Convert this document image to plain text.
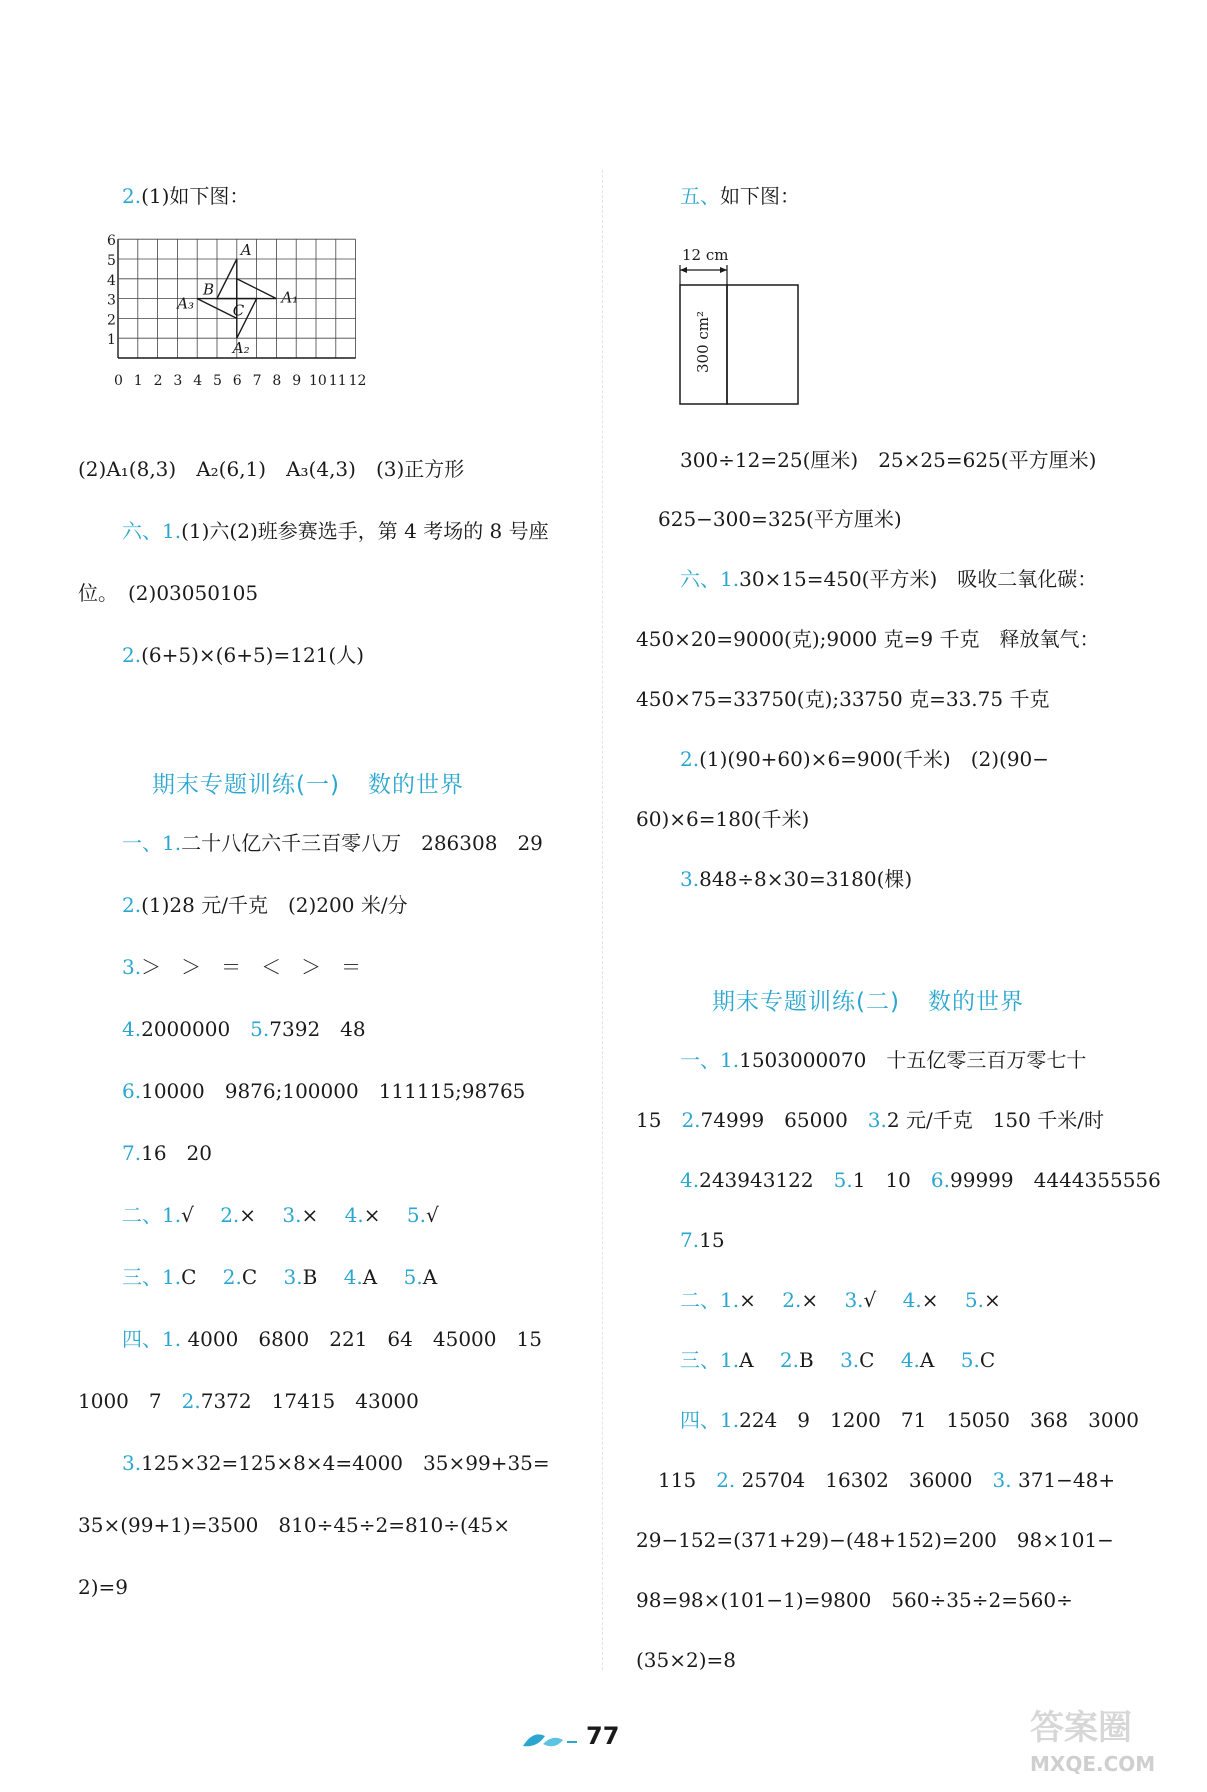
2.(1)如下图：
0 1 2 3 4 5 6 7 8 9 10 11 12
1
2
3
4
5
6	A
B
C
A₁
A₂
A₃
(2)A₁(8,3)　A₂(6,1)　A₃(4,3)　(3)正方形
六、1.(1)六(2)班参赛选手，第 4 考场的 8 号座
位。　(2)03050105
2.(6+5)×(6+5)=121(人)
期末专题训练(一) 数的世界
一、1.二十八亿六千三百零八万　286308　29
2.(1)28 元/千克　(2)200 米/分
3.＞　＞　＝　＜　＞　＝
4.2000000　5.7392　48
6.10000　9876;100000　111115;98765
7.16　20
二、1.√　 2.×　 3.×　 4.×　 5.√
三、1.C　 2.C　 3.B　 4.A　 5.A
四、1. 4000　6800　221　64　45000　15
1000　7　2.7372　17415　43000
3.125×32=125×8×4=4000　35×99+35=
35×(99+1)=3500　810÷45÷2=810÷(45×
2)=9
五、如下图：
12 cm
300 cm²
300÷12=25(厘米)　25×25=625(平方厘米)
625−300=325(平方厘米)
六、1.30×15=450(平方米)　吸收二氧化碳：
450×20=9000(克);9000 克=9 千克　释放氧气：
450×75=33750(克);33750 克=33.75 千克
2.(1)(90+60)×6=900(千米)　(2)(90−
60)×6=180(千米)
3.848÷8×30=3180(棵)
期末专题训练(二) 数的世界
一、1.1503000070　十五亿零三百万零七十
15　2.74999　65000　3.2 元/千克　150 千米/时
4.243943122　5.1　10　6.99999　4444355556
7.15
二、1.×　 2.×　 3.√　 4.×　 5.×
三、1.A　 2.B　 3.C　 4.A　 5.C
四、1.224　9　1200　71　15050　368　3000
115　2. 25704　16302　36000　3. 371−48+
29−152=(371+29)−(48+152)=200　98×101−
98=98×(101−1)=9800　560÷35÷2=560÷
(35×2)=8
77	答案圈
MXQE.COM
